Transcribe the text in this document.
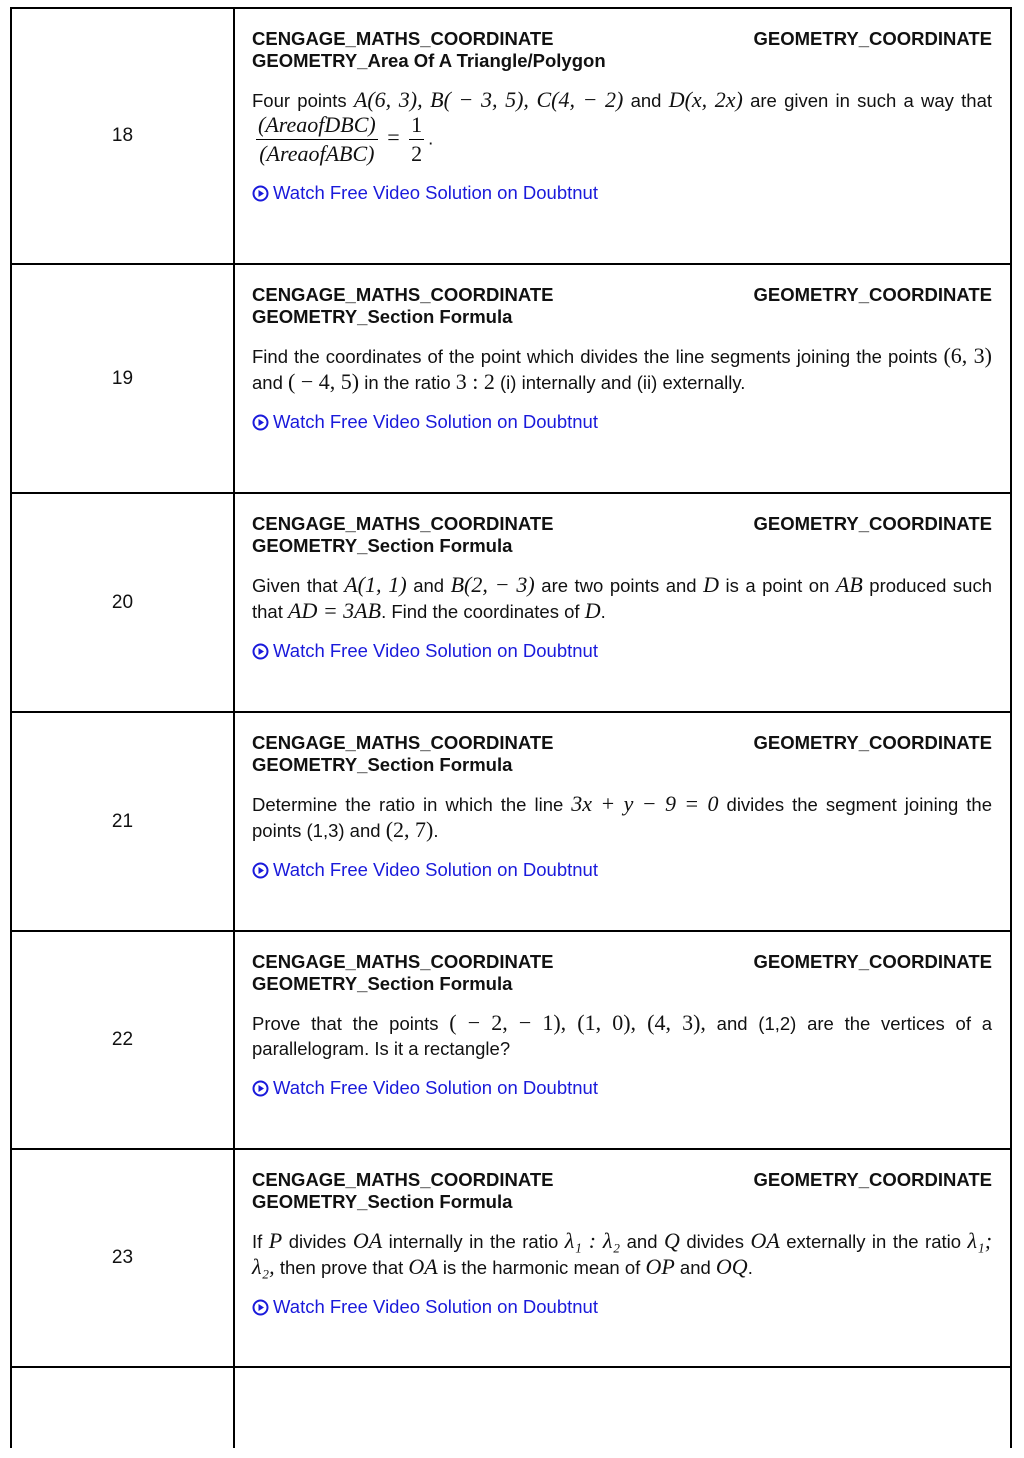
18
CENGAGE_MATHS_COORDINATE	GEOMETRY_COORDINATE
GEOMETRY_Area Of A Triangle/Polygon
Four points A(6, 3), B( − 3, 5), C(4, − 2) and D(x, 2x) are given in such a way that
$\frac{\text{(AreaofDBC)}}{\text{(AreaofABC)}} = \frac{1}{2}$ .
Watch Free Video Solution on Doubtnut
19
CENGAGE_MATHS_COORDINATE	GEOMETRY_COORDINATE
GEOMETRY_Section Formula
Find the coordinates of the point which divides the line segments joining the points (6, 3) and ( − 4, 5) in the ratio 3 : 2 (i) internally and (ii) externally.
Watch Free Video Solution on Doubtnut
20
CENGAGE_MATHS_COORDINATE	GEOMETRY_COORDINATE
GEOMETRY_Section Formula
Given that A(1, 1) and B(2, − 3) are two points and D is a point on AB produced such that AD = 3AB. Find the coordinates of D.
Watch Free Video Solution on Doubtnut
21
CENGAGE_MATHS_COORDINATE	GEOMETRY_COORDINATE
GEOMETRY_Section Formula
Determine the ratio in which the line 3x + y − 9 = 0 divides the segment joining the points (1,3) and (2, 7).
Watch Free Video Solution on Doubtnut
22
CENGAGE_MATHS_COORDINATE	GEOMETRY_COORDINATE
GEOMETRY_Section Formula
Prove that the points ( − 2, − 1), (1, 0), (4, 3), and (1,2) are the vertices of a parallelogram. Is it a rectangle?
Watch Free Video Solution on Doubtnut
23
CENGAGE_MATHS_COORDINATE	GEOMETRY_COORDINATE
GEOMETRY_Section Formula
If P divides OA internally in the ratio λ₁ : λ₂ and Q divides OA externally in the ratio λ₁; λ₂, then prove that OA is the harmonic mean of OP and OQ.
Watch Free Video Solution on Doubtnut
